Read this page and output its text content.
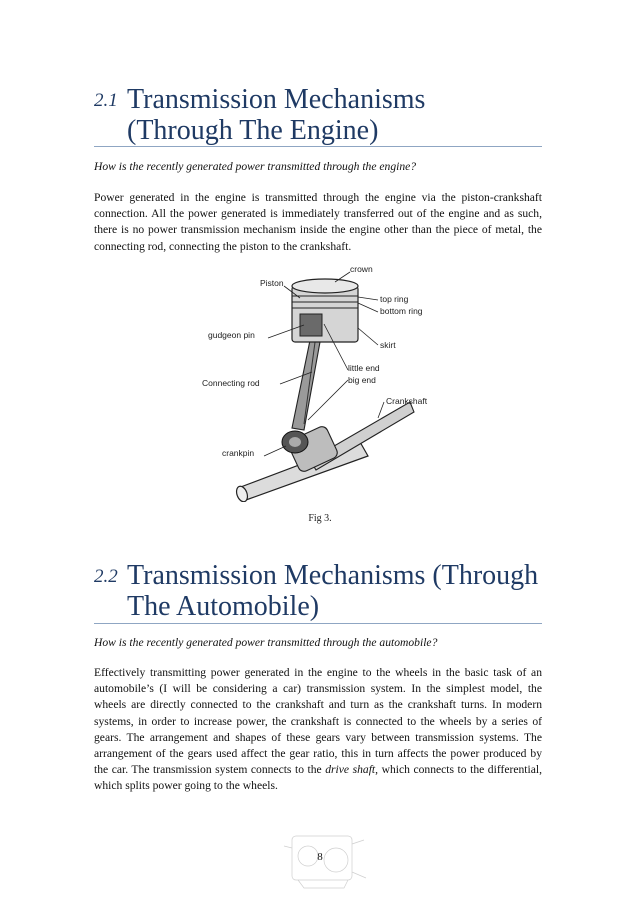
2.1 Transmission Mechanisms
(Through The Engine)
How is the recently generated power transmitted through the engine?
Power generated in the engine is transmitted through the engine via the piston-crankshaft connection. All the power generated is immediately transferred out of the engine and as such, there is no power transmission mechanism inside the engine other than the piece of metal, the connecting rod, connecting the piston to the crankshaft.
crown
Piston
top ring
bottom ring
gudgeon pin
skirt
little end
big end
Connecting rod
Crankshaft
crankpin
Fig 3.
2.2 Transmission Mechanisms (Through
The Automobile)
How is the recently generated power transmitted through the automobile?
Effectively transmitting power generated in the engine to the wheels in the basic task of an automobile’s (I will be considering a car) transmission system. In the simplest model, the wheels are directly connected to the crankshaft and turn as the crankshaft turns. In modern systems, in order to increase power, the crankshaft is connected to the wheels by a series of gears. The arrangement and shapes of these gears vary between transmission systems. The arrangement of the gears used affect the gear ratio, this in turn affects the power produced by the car. The transmission system connects to the drive shaft, which connects to the differential, which splits power going to the wheels.
8
